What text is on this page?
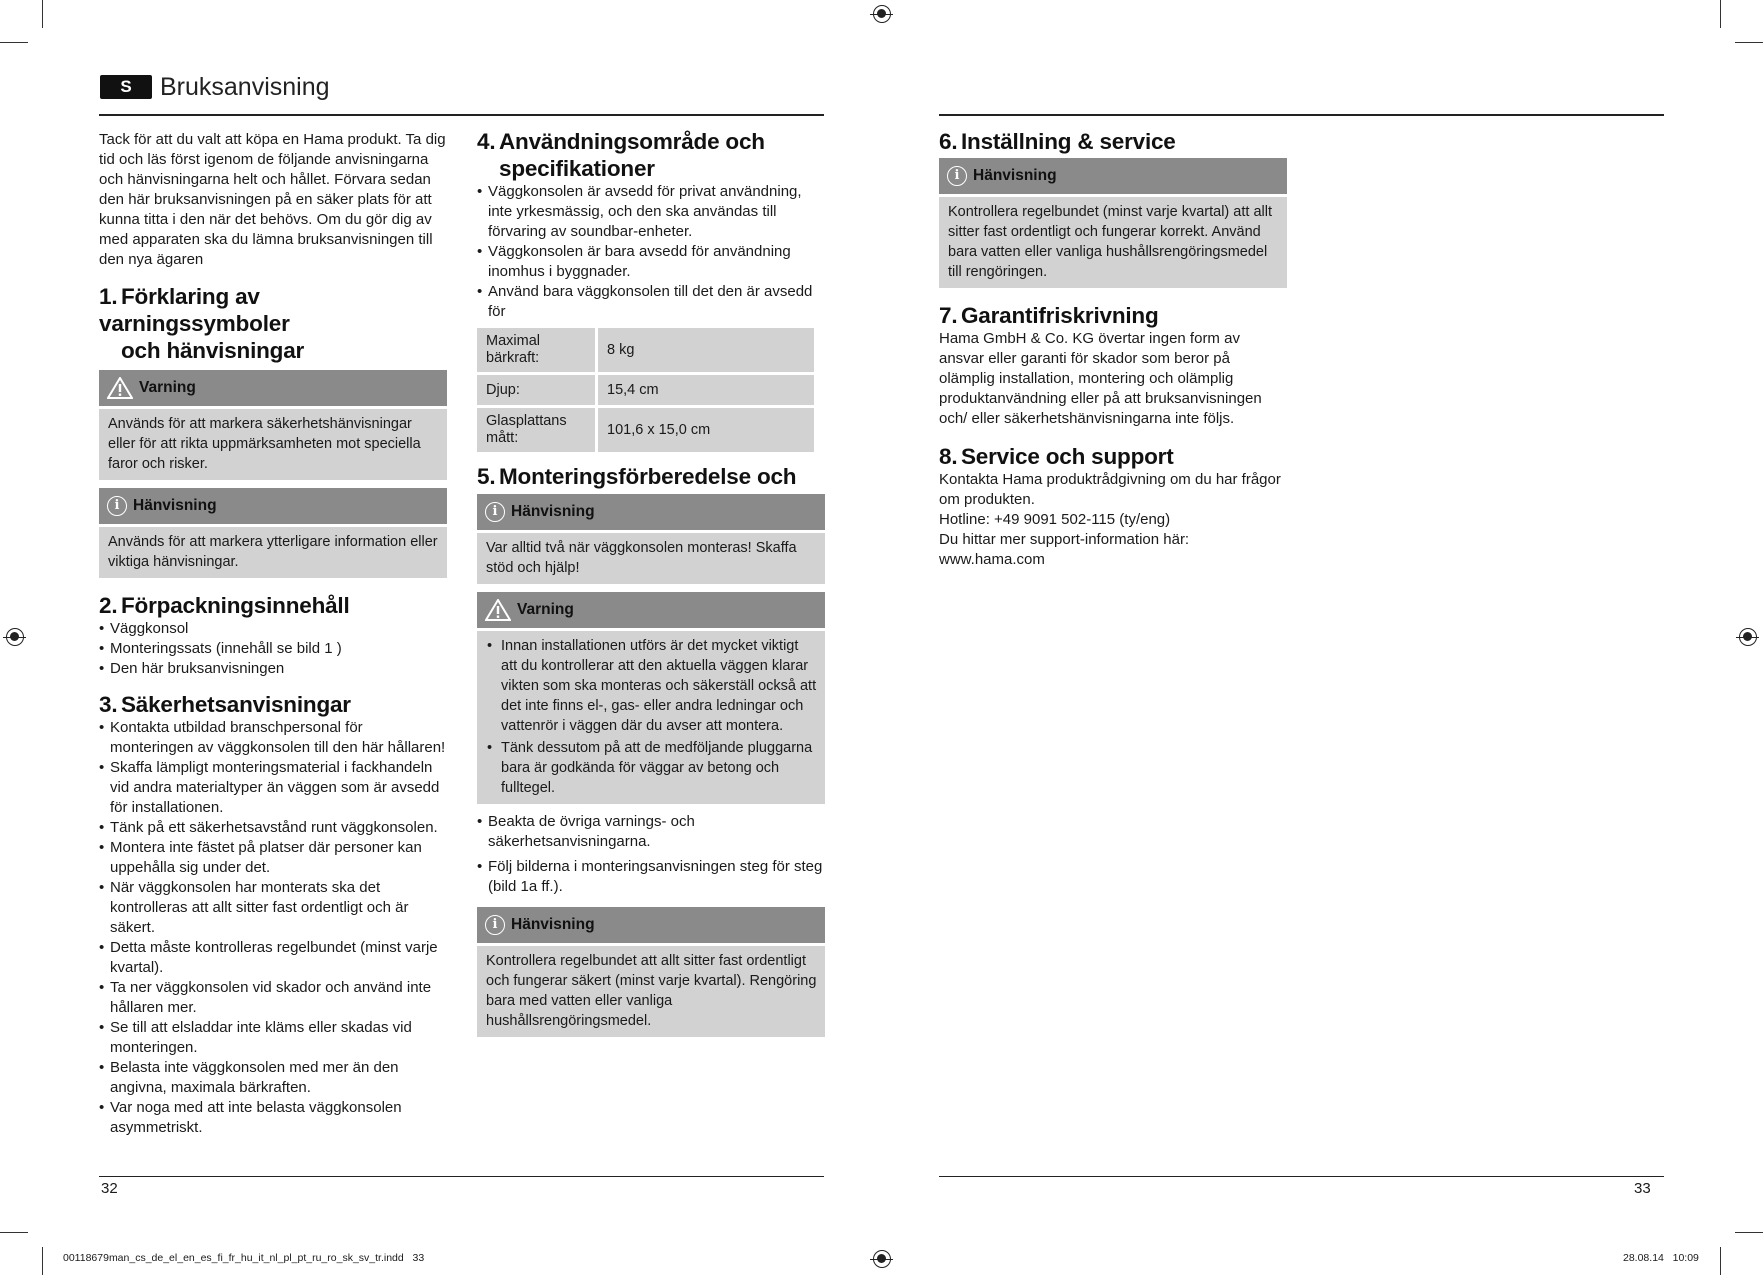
S	Bruksanvisning

Tack för att du valt att köpa en Hama produkt. Ta dig tid och läs först igenom de följande anvisningarna och hänvisningarna helt och hållet. Förvara sedan den här bruksanvisningen på en säker plats för att kunna titta i den när det behövs. Om du gör dig av med apparaten ska du lämna bruksanvisningen till den nya ägaren

1. Förklaring av varningssymboler
och hänvisningar
Varning
Används för att markera säkerhetshänvisningar eller för att rikta uppmärksamheten mot speciella faror och risker.
i Hänvisning
Används för att markera ytterligare information eller viktiga hänvisningar.
2. Förpackningsinnehåll
• Väggkonsol
• Monteringssats (innehåll se bild 1 )
• Den här bruksanvisningen
3. Säkerhetsanvisningar
• Kontakta utbildad branschpersonal för monteringen av väggkonsolen till den här hållaren!
• Skaffa lämpligt monteringsmaterial i fackhandeln vid andra materialtyper än väggen som är avsedd för installationen.
• Tänk på ett säkerhetsavstånd runt väggkonsolen.
• Montera inte fästet på platser där personer kan uppehålla sig under det.
• När väggkonsolen har monterats ska det kontrolleras att allt sitter fast ordentligt och är säkert.
• Detta måste kontrolleras regelbundet (minst varje kvartal).
• Ta ner väggkonsolen vid skador och använd inte hållaren mer.
• Se till att elsladdar inte kläms eller skadas vid monteringen.
• Belasta inte väggkonsolen med mer än den angivna, maximala bärkraften.
• Var noga med att inte belasta väggkonsolen asymmetriskt.
4. Användningsområde och
specifikationer
• Väggkonsolen är avsedd för privat användning, inte yrkesmässig, och den ska användas till förvaring av soundbar-enheter.
• Väggkonsolen är bara avsedd för användning inomhus i byggnader.
• Använd bara väggkonsolen till det den är avsedd för
Maximal bärkraft:	8 kg
Djup:	15,4 cm
Glasplattans mått:	101,6 x 15,0 cm
5. Monteringsförberedelse och
i Hänvisning
Var alltid två när väggkonsolen monteras! Skaffa stöd och hjälp!
Varning
• Innan installationen utförs är det mycket viktigt att du kontrollerar att den aktuella väggen klarar vikten som ska monteras och säkerställ också att det inte finns el-, gas- eller andra ledningar och vattenrör i väggen där du avser att montera.
• Tänk dessutom på att de medföljande pluggarna bara är godkända för väggar av betong och fulltegel.
• Beakta de övriga varnings- och säkerhetsanvisningarna.
• Följ bilderna i monteringsanvisningen steg för steg (bild 1a ff.).
i Hänvisning
Kontrollera regelbundet att allt sitter fast ordentligt och fungerar säkert (minst varje kvartal). Rengöring bara med vatten eller vanliga hushållsrengöringsmedel.
6. Inställning & service
i Hänvisning
Kontrollera regelbundet (minst varje kvartal) att allt sitter fast ordentligt och fungerar korrekt. Använd bara vatten eller vanliga hushållsrengöringsmedel till rengöringen.
7. Garantifriskrivning

Hama GmbH & Co. KG övertar ingen form av ansvar eller garanti för skador som beror på olämplig installation, montering och olämplig produktanvändning eller på att bruksanvisningen och/ eller säkerhetshänvisningarna inte följs.

8. Service och support

Kontakta Hama produktrådgivning om du har frågor om produkten.

Hotline: +49 9091 502-115 (ty/eng)

Du hittar mer support-information här:

www.hama.com

32	33
00118679man_cs_de_el_en_es_fi_fr_hu_it_nl_pl_pt_ru_ro_sk_sv_tr.indd   33	28.08.14   10:09
